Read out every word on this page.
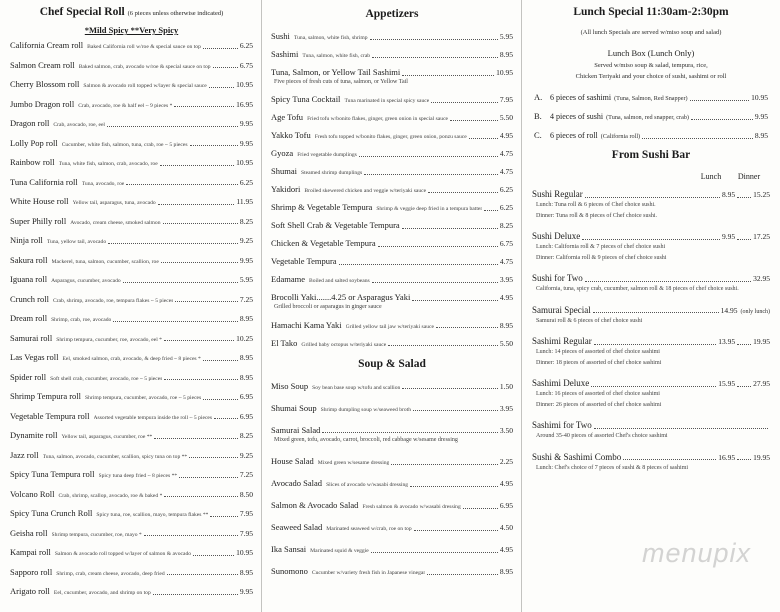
Chef Special Roll (6 pieces unless otherwise indicated)
*Mild Spicy **Very Spicy
California Cream roll Baked California roll w/roe & special sauce on top	6.25
Salmon Cream roll Baked salmon, crab, avocado w/roe & special sauce on top	6.75
Cherry Blossom roll Salmon & avocado roll topped w/layer & special sauce	10.95
Jumbo Dragon roll Crab, avocado, roe & half eel ~ 9 pieces *	16.95
Dragon roll Crab, avocado, roe, eel	9.95
Lolly Pop roll Cucumber, white fish, salmon, tuna, crab, roe ~ 5 pieces	9.95
Rainbow roll Tuna, white fish, salmon, crab, avocado, roe	10.95
Tuna California roll Tuna, avocado, roe	6.25
White House roll Yellow tail, asparagus, tuna, avocado	11.95
Super Philly roll Avocado, cream cheese, smoked salmon	8.25
Ninja roll Tuna, yellow tail, avocado	9.25
Sakura roll Mackerel, tuna, salmon, cucumber, scallion, roe	9.95
Iguana roll Asparagus, cucumber, avocado	5.95
Crunch roll Crab, shrimp, avocado, roe, tempura flakes ~ 5 pieces	7.25
Dream roll Shrimp, crab, roe, avocado	8.95
Samurai roll Shrimp tempura, cucumber, roe, avocado, eel *	10.25
Las Vegas roll Eel, smoked salmon, crab, avocado, & deep fried ~ 8 pieces *	8.95
Spider roll Soft shell crab, cucumber, avocado, roe ~ 5 pieces	8.95
Shrimp Tempura roll Shrimp tempura, cucumber, avocado, roe ~ 5 pieces	6.95
Vegetable Tempura roll Assorted vegetable tempura inside the roll ~ 5 pieces	6.95
Dynamite roll Yellow tail, asparagus, cucumber, roe **	8.25
Jazz roll Tuna, salmon, avocado, cucumber, scallion, spicy tuna on top **	9.25
Spicy Tuna Tempura roll Spicy tuna deep fried ~ 8 pieces **	7.25
Volcano Roll Crab, shrimp, scallop, avocado, roe & baked *	8.50
Spicy Tuna Crunch Roll Spicy tuna, roe, scallion, mayo, tempura flakes **	7.95
Geisha roll Shrimp tempura, cucumber, roe, mayo *	7.95
Kampai roll Salmon & avocado roll topped w/layer of salmon & avocado	10.95
Sapporo roll Shrimp, crab, cream cheese, avocado, deep fried	8.95
Arigato roll Eel, cucumber, avocado, and shrimp on top	9.95
Appetizers
Sushi Tuna, salmon, white fish, shrimp	5.95
Sashimi Tuna, salmon, white fish, crab	8.95
Tuna, Salmon, or Yellow Tail Sashimi	10.95
Five pieces of fresh cuts of tuna, salmon, or Yellow Tail
Spicy Tuna Cocktail Tuna marinated in special spicy sauce	7.95
Age Tofu Fried tofu w/bonito flakes, ginger, green onion in special sauce	5.50
Yakko Tofu Fresh tofu topped w/bonito flakes, ginger, green onion, ponzu sauce	4.95
Gyoza Fried vegetable dumplings	4.75
Shumai Steamed shrimp dumplings	4.75
Yakidori Broiled skewered chicken and veggie w/teriyaki sauce	6.25
Shrimp & Vegetable Tempura Shrimp & veggie deep fried in a tempura batter 6.25
Soft Shell Crab & Vegetable Tempura	8.25
Chicken & Vegetable Tempura	6.75
Vegetable Tempura	4.75
Edamame Boiled and salted soybeans	3.95
Brocolli Yaki.......4.25 or Asparagus Yaki	4.95
Grilled broccoli or asparagus in ginger sauce
Hamachi Kama Yaki Grilled yellow tail jaw w/teriyaki sauce	8.95
El Tako Grilled baby octopus w/teriyaki sauce	5.50
Soup & Salad
Miso Soup Soy bean base soup w/tofu and scallion	1.50
Shumai Soup Shrimp dumpling soup w/seaweed broth	3.95
Samurai Salad	3.50
Mixed green, tofu, avocado, carrot, broccoli, red cabbage w/sesame dressing
House Salad Mixed green w/sesame dressing	2.25
Avocado Salad Slices of avocado w/wasabi dressing	4.95
Salmon & Avocado Salad Fresh salmon & avocado w/wasabi dressing	6.95
Seaweed Salad Marinated seaweed w/crab, roe on top	4.50
Ika Sansai Marinated squid & veggie	4.95
Sunomono Cucumber w/variety fresh fish in Japanese vinegar	8.95
Lunch Special 11:30am-2:30pm
(All lunch Specials are served w/miso soup and salad)
Lunch Box (Lunch Only)
Served w/miso soup & salad, tempura, rice,
Chicken Teriyaki and your choice of sushi, sashimi or roll
A. 6 pieces of sashimi (Tuna, Salmon, Red Snapper)	10.95
B.	4 pieces of sushi (Tuna, salmon, red snapper, crab)	9.95
C.	6 pieces of roll (California roll)	8.95
From Sushi Bar
Lunch	Dinner
Sushi Regular	8.95 15.25
Lunch: Tuna roll & 6 pieces of Chef choice sushi.
Dinner: Tuna roll & 8 pieces of Chef choice sushi.
Sushi Deluxe	9.95 17.25
Lunch: California roll & 7 pieces of chef choice sushi
Dinner: California roll & 9 pieces of chef choice sushi
Sushi for Two	32.95
California, tuna, spicy crab, cucumber, salmon roll & 18 pieces of chef choice sushi.
Samurai Special	14.95 (only lunch)
Samurai roll & 6 pieces of chef choice sushi
Sashimi Regular	13.95 19.95
Lunch: 14 pieces of assorted of chef choice sashimi
Dinner: 18 pieces of assorted of chef choice sashimi
Sashimi Deluxe	15.95 27.95
Lunch: 16 pieces of assorted of chef choice sashimi
Dinner: 26 pieces of assorted of chef choice sashimi
Sashimi for Two
Around 35-40 pieces of assorted Chef's choice sashimi
Sushi & Sashimi Combo	16.95 19.95
Lunch: Chef's choice of 7 pieces of sushi & 8 pieces of sashimi
menupix
